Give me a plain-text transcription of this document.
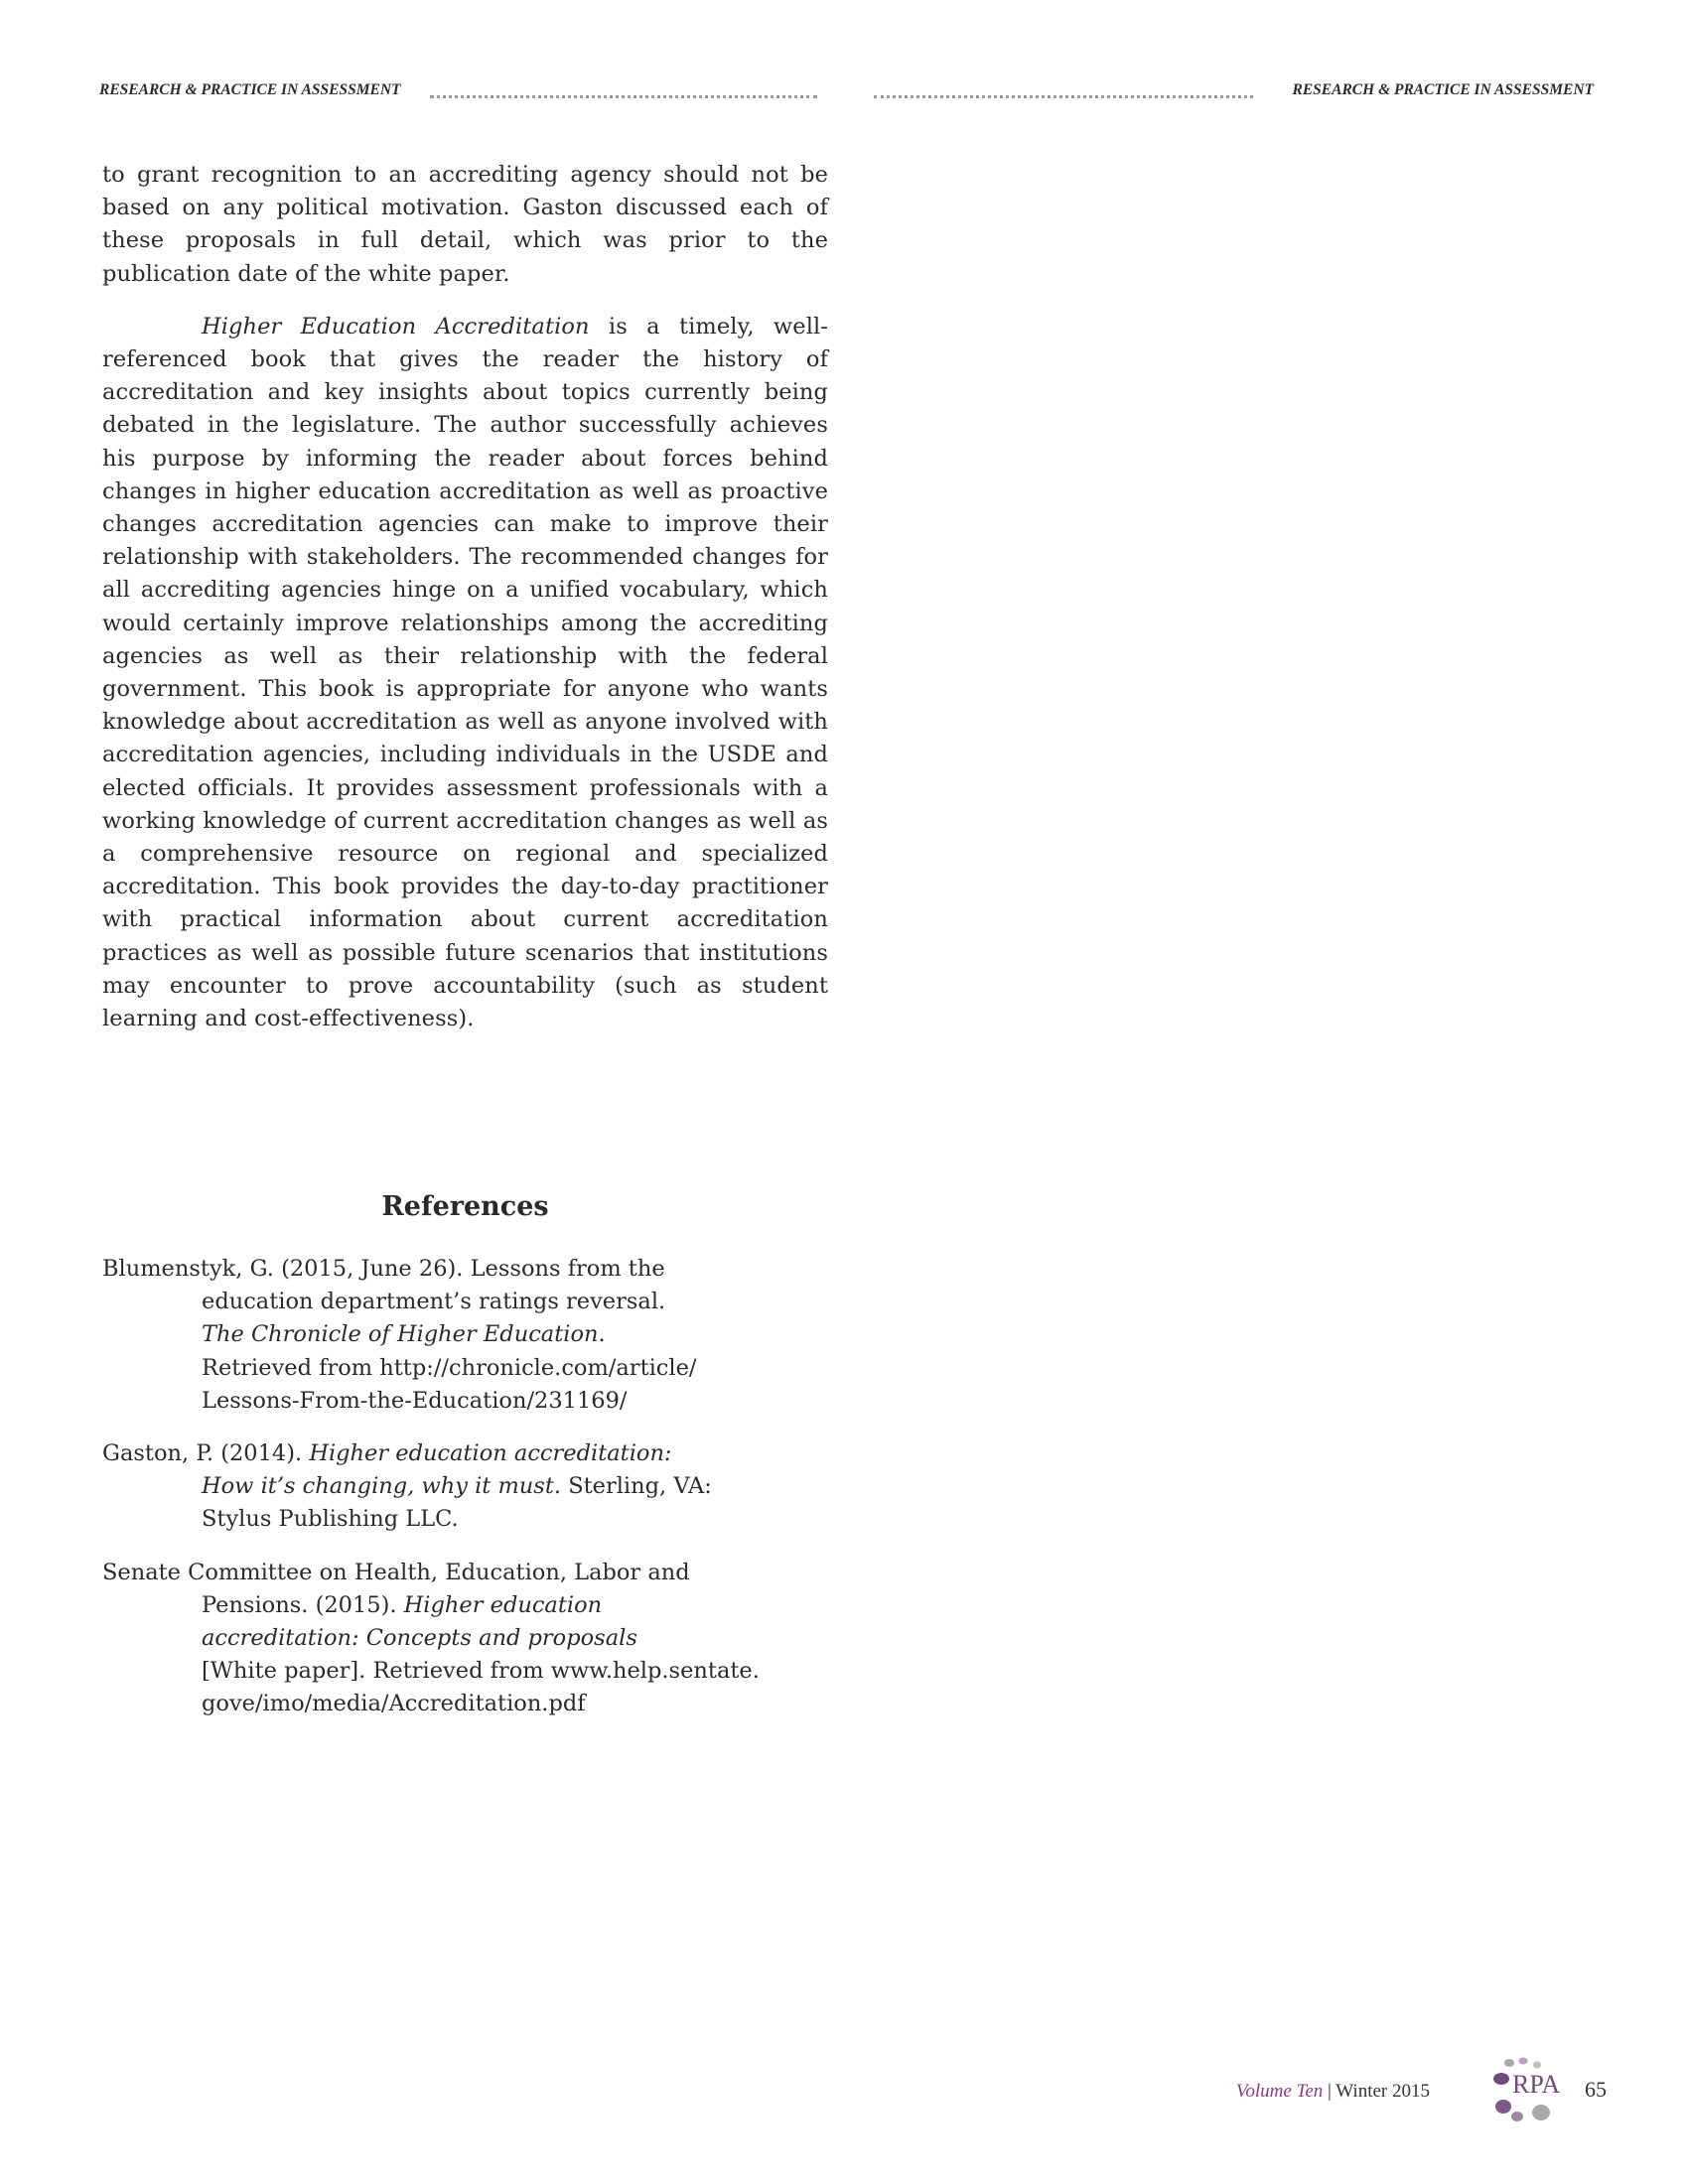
RESEARCH & PRACTICE IN ASSESSMENT	RESEARCH & PRACTICE IN ASSESSMENT

to grant recognition to an accrediting agency should not be based on any political motivation. Gaston discussed each of these proposals in full detail, which was prior to the publication date of the white paper.

Higher Education Accreditation is a timely, well-referenced book that gives the reader the history of accreditation and key insights about topics currently being debated in the legislature. The author successfully achieves his purpose by informing the reader about forces behind changes in higher education accreditation as well as proactive changes accreditation agencies can make to improve their relationship with stakeholders. The recommended changes for all accrediting agencies hinge on a unified vocabulary, which would certainly improve relationships among the accrediting agencies as well as their relationship with the federal government. This book is appropriate for anyone who wants knowledge about accreditation as well as anyone involved with accreditation agencies, including individuals in the USDE and elected officials. It provides assessment professionals with a working knowledge of current accreditation changes as well as a comprehensive resource on regional and specialized accreditation. This book provides the day-to-day practitioner with practical information about current accreditation practices as well as possible future scenarios that institutions may encounter to prove accountability (such as student learning and cost-effectiveness).

References
Blumenstyk, G. (2015, June 26). Lessons from the
education department’s ratings reversal.
The Chronicle of Higher Education.
Retrieved from http://chronicle.com/article/
Lessons-From-the-Education/231169/
Gaston, P. (2014). Higher education accreditation:
How it’s changing, why it must. Sterling, VA:
Stylus Publishing LLC.
Senate Committee on Health, Education, Labor and
Pensions. (2015). Higher education
accreditation: Concepts and proposals
[White paper]. Retrieved from www.help.sentate.
gove/imo/media/Accreditation.pdf
Volume Ten | Winter 2015	RPA 65
